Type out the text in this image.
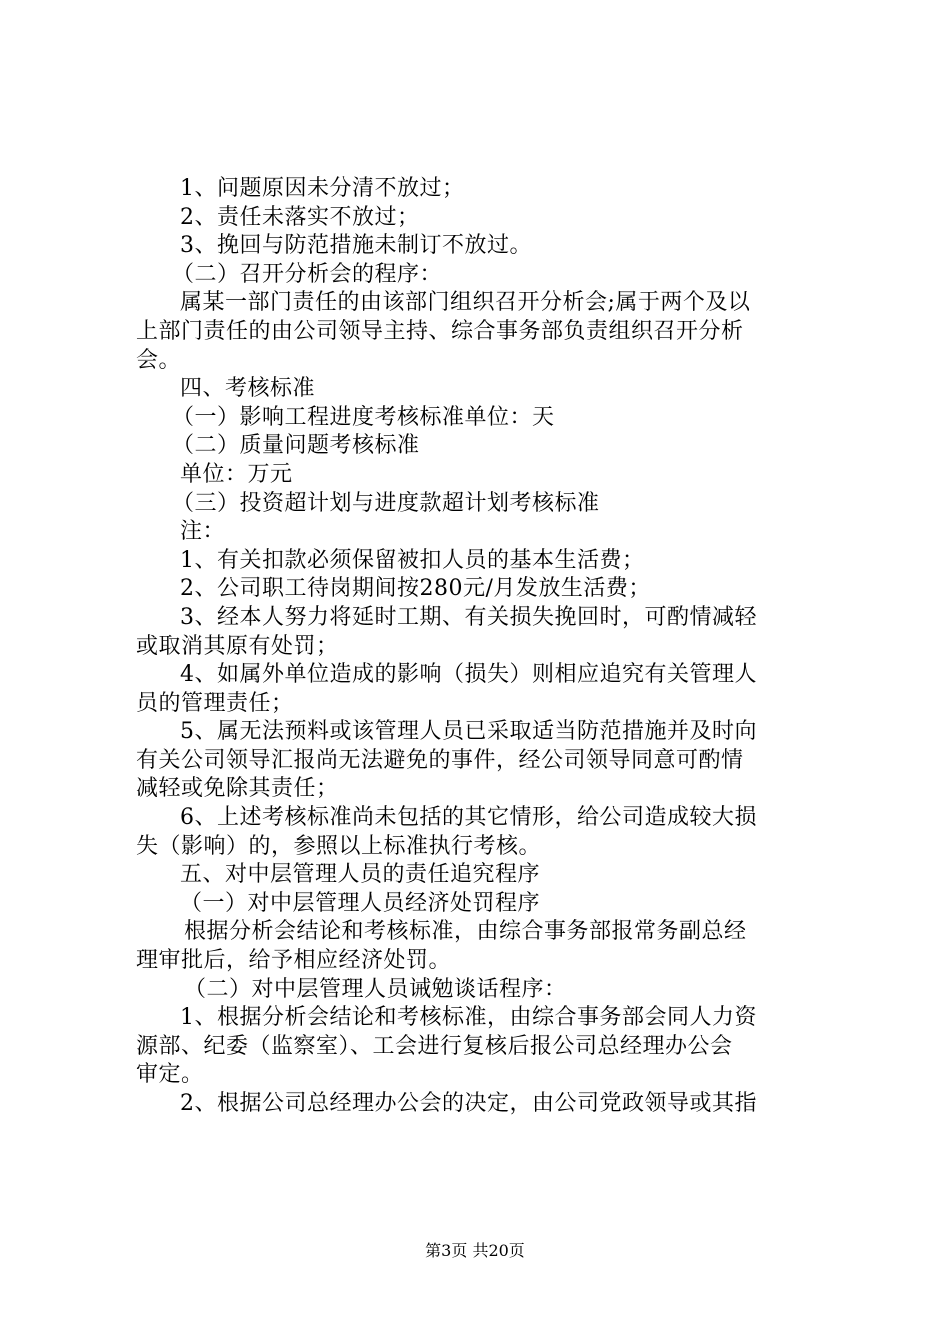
1、问题原因未分清不放过；

2、责任未落实不放过；

3、挽回与防范措施未制订不放过。

（二）召开分析会的程序：

属某一部门责任的由该部门组织召开分析会;属于两个及以

上部门责任的由公司领导主持、综合事务部负责组织召开分析

会。

四、考核标准

（一）影响工程进度考核标准单位：天

（二）质量问题考核标准

单位：万元

（三）投资超计划与进度款超计划考核标准

注：

1、有关扣款必须保留被扣人员的基本生活费；

2、公司职工待岗期间按280元/月发放生活费；

3、经本人努力将延时工期、有关损失挽回时，可酌情减轻

或取消其原有处罚；

4、如属外单位造成的影响（损失）则相应追究有关管理人

员的管理责任；

5、属无法预料或该管理人员已采取适当防范措施并及时向

有关公司领导汇报尚无法避免的事件，经公司领导同意可酌情

减轻或免除其责任；

6、上述考核标准尚未包括的其它情形，给公司造成较大损

失（影响）的，参照以上标准执行考核。

五、对中层管理人员的责任追究程序

（一）对中层管理人员经济处罚程序

根据分析会结论和考核标准，由综合事务部报常务副总经

理审批后，给予相应经济处罚。

（二）对中层管理人员诫勉谈话程序：

1、根据分析会结论和考核标准，由综合事务部会同人力资

源部、纪委（监察室）、工会进行复核后报公司总经理办公会

审定。

2、根据公司总经理办公会的决定，由公司党政领导或其指

第3页 共20页
